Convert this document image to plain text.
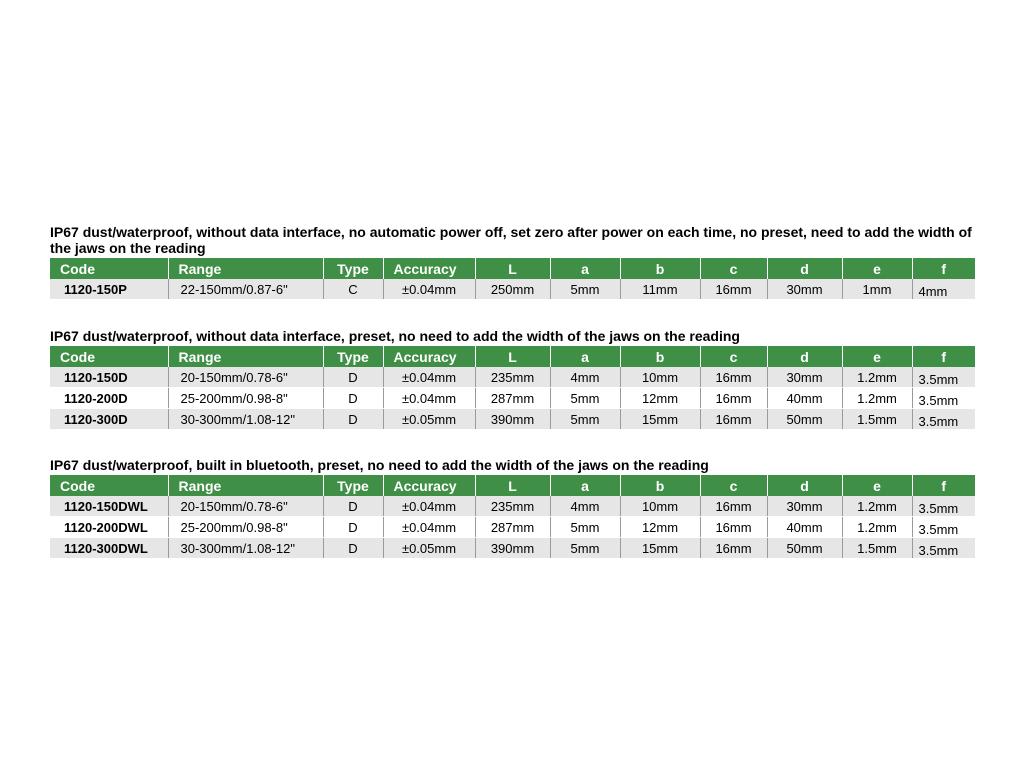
IP67 dust/waterproof, without data interface, no automatic power off, set zero after power on each time, no preset, need to add the width of the jaws on the reading

Code	Range	Type	Accuracy	L	a	b	c	d	e	f
1120-150P	22-150mm/0.87-6"	C	±0.04mm	250mm	5mm	11mm	16mm	30mm	1mm	4mm

IP67 dust/waterproof, without data interface, preset, no need to add the width of the jaws on the reading

Code	Range	Type	Accuracy	L	a	b	c	d	e	f
1120-150D	20-150mm/0.78-6"	D	±0.04mm	235mm	4mm	10mm	16mm	30mm	1.2mm	3.5mm
1120-200D	25-200mm/0.98-8"	D	±0.04mm	287mm	5mm	12mm	16mm	40mm	1.2mm	3.5mm
1120-300D	30-300mm/1.08-12"	D	±0.05mm	390mm	5mm	15mm	16mm	50mm	1.5mm	3.5mm

IP67 dust/waterproof, built in bluetooth, preset, no need to add the width of the jaws on the reading

Code	Range	Type	Accuracy	L	a	b	c	d	e	f
1120-150DWL	20-150mm/0.78-6"	D	±0.04mm	235mm	4mm	10mm	16mm	30mm	1.2mm	3.5mm
1120-200DWL	25-200mm/0.98-8"	D	±0.04mm	287mm	5mm	12mm	16mm	40mm	1.2mm	3.5mm
1120-300DWL	30-300mm/1.08-12"	D	±0.05mm	390mm	5mm	15mm	16mm	50mm	1.5mm	3.5mm
